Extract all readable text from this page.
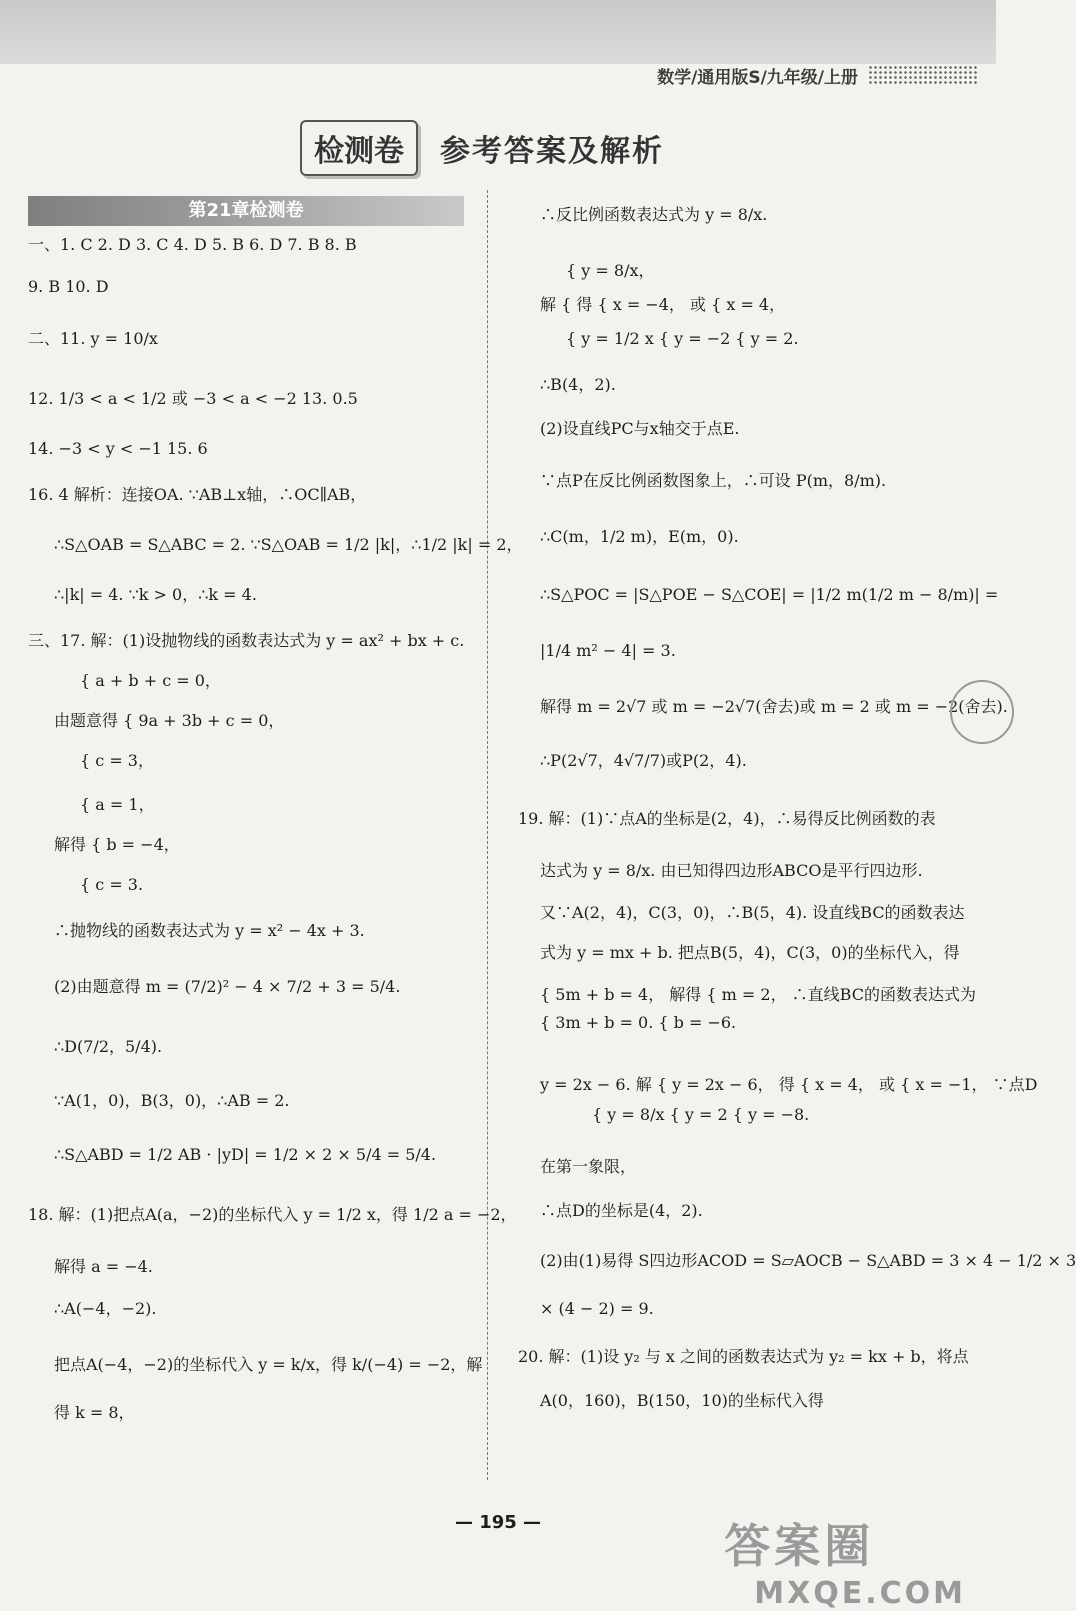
数学/通用版S/九年级/上册
检测卷	参考答案及解析
第21章检测卷
一、1. C 2. D 3. C 4. D 5. B 6. D 7. B 8. B
9. B 10. D
二、11. y = 10/x
12. 1/3 < a < 1/2 或 −3 < a < −2 13. 0.5
14. −3 < y < −1 15. 6
16. 4 解析：连接OA. ∵AB⊥x轴，∴OC∥AB，
∴S△OAB = S△ABC = 2. ∵S△OAB = 1/2 |k|，∴1/2 |k| = 2，
∴|k| = 4. ∵k > 0，∴k = 4.
三、17. 解：(1)设抛物线的函数表达式为 y = ax² + bx + c.
{ a + b + c = 0，
由题意得 { 9a + 3b + c = 0，
{ c = 3，
{ a = 1，
解得 { b = −4，
{ c = 3.
∴抛物线的函数表达式为 y = x² − 4x + 3.
(2)由题意得 m = (7/2)² − 4 × 7/2 + 3 = 5/4.
∴D(7/2，5/4).
∵A(1，0)，B(3，0)，∴AB = 2.
∴S△ABD = 1/2 AB · |yD| = 1/2 × 2 × 5/4 = 5/4.
18. 解：(1)把点A(a，−2)的坐标代入 y = 1/2 x，得 1/2 a = −2，
解得 a = −4.
∴A(−4，−2).
把点A(−4，−2)的坐标代入 y = k/x，得 k/(−4) = −2，解
得 k = 8，
∴反比例函数表达式为 y = 8/x.
{ y = 8/x，
解 { 得 { x = −4， 或 { x = 4，
{ y = 1/2 x { y = −2 { y = 2.
∴B(4，2).
(2)设直线PC与x轴交于点E.
∵点P在反比例函数图象上，∴可设 P(m，8/m).
∴C(m，1/2 m)，E(m，0).
∴S△POC = |S△POE − S△COE| = |1/2 m(1/2 m − 8/m)| =
|1/4 m² − 4| = 3.
解得 m = 2√7 或 m = −2√7(舍去)或 m = 2 或 m = −2(舍去).
∴P(2√7，4√7/7)或P(2，4).
19. 解：(1)∵点A的坐标是(2，4)，∴易得反比例函数的表
达式为 y = 8/x. 由已知得四边形ABCO是平行四边形.
又∵A(2，4)，C(3，0)，∴B(5，4). 设直线BC的函数表达
式为 y = mx + b. 把点B(5，4)，C(3，0)的坐标代入，得
{ 5m + b = 4， 解得 { m = 2， ∴直线BC的函数表达式为
{ 3m + b = 0. { b = −6.
y = 2x − 6. 解 { y = 2x − 6， 得 { x = 4， 或 { x = −1， ∵点D
{ y = 8/x { y = 2 { y = −8.
在第一象限，
∴点D的坐标是(4，2).
(2)由(1)易得 S四边形ACOD = S▱AOCB − S△ABD = 3 × 4 − 1/2 × 3
× (4 − 2) = 9.
20. 解：(1)设 y₂ 与 x 之间的函数表达式为 y₂ = kx + b，将点
A(0，160)，B(150，10)的坐标代入得
— 195 —	答案圈
MXQE.COM
